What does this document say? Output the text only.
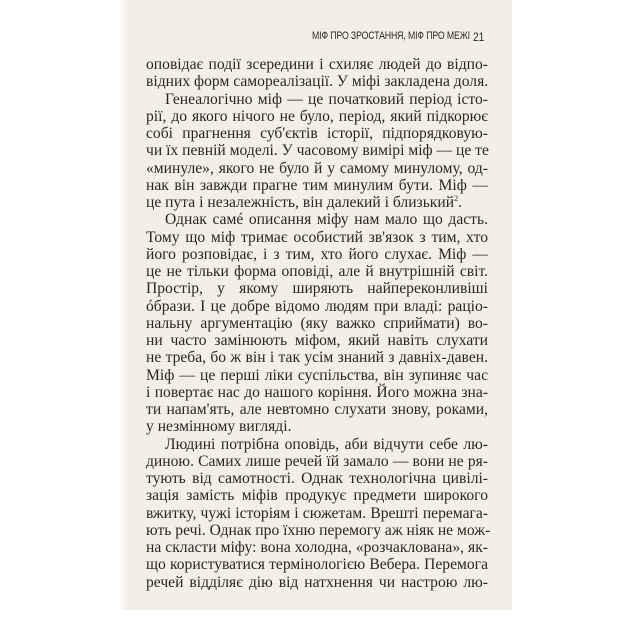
МІФ ПРО ЗРОСТАННЯ, МІФ ПРО МЕЖІ 21
оповідає події зсередини і схиляє людей до відпо-
відних форм самореалізації. У міфі закладена доля.
Генеалогічно міф — це початковий період істо-
рії, до якого нічого не було, період, який підкорює
собі прагнення суб'єктів історії, підпорядковую-
чи їх певній моделі. У часовому вимірі міф — це те
«минуле», якого не було й у самому минулому, од-
нак він завжди прагне тим минулим бути. Міф —
це пута і незалежність, він далекий і близький$^2$.
Однак самé описання міфу нам мало що дасть.
Тому що міф тримає особистий зв'язок з тим, хто
його розповідає, і з тим, хто його слухає. Міф —
це не тільки форма оповіді, але й внутрішній світ.
Простір, у якому ширяють найпереконливіші
óбрази. І це добре відомо людям при владі: раціо-
нальну аргументацію (яку важко сприймати) во-
ни часто замінюють міфом, який навіть слухати
не треба, бо ж він і так усім знаний з давніх-давен.
Міф — це перші ліки суспільства, він зупиняє час
і повертає нас до нашого коріння. Його можна зна-
ти напам'ять, але невтомно слухати знову, роками,
у незмінному вигляді.
Людині потрібна оповідь, аби відчути себе лю-
диною. Самих лише речей їй замало — вони не ря-
тують від самотності. Однак технологічна цивілі-
зація замість міфів продукує предмети широкого
вжитку, чужі історіям і сюжетам. Врешті перемага-
ють речі. Однак про їхню перемогу аж ніяк не мож-
на скласти міфу: вона холодна, «розчаклована», як-
що користуватися термінологією Вебера. Перемога
речей відділяє дію від натхнення чи настрою лю-
